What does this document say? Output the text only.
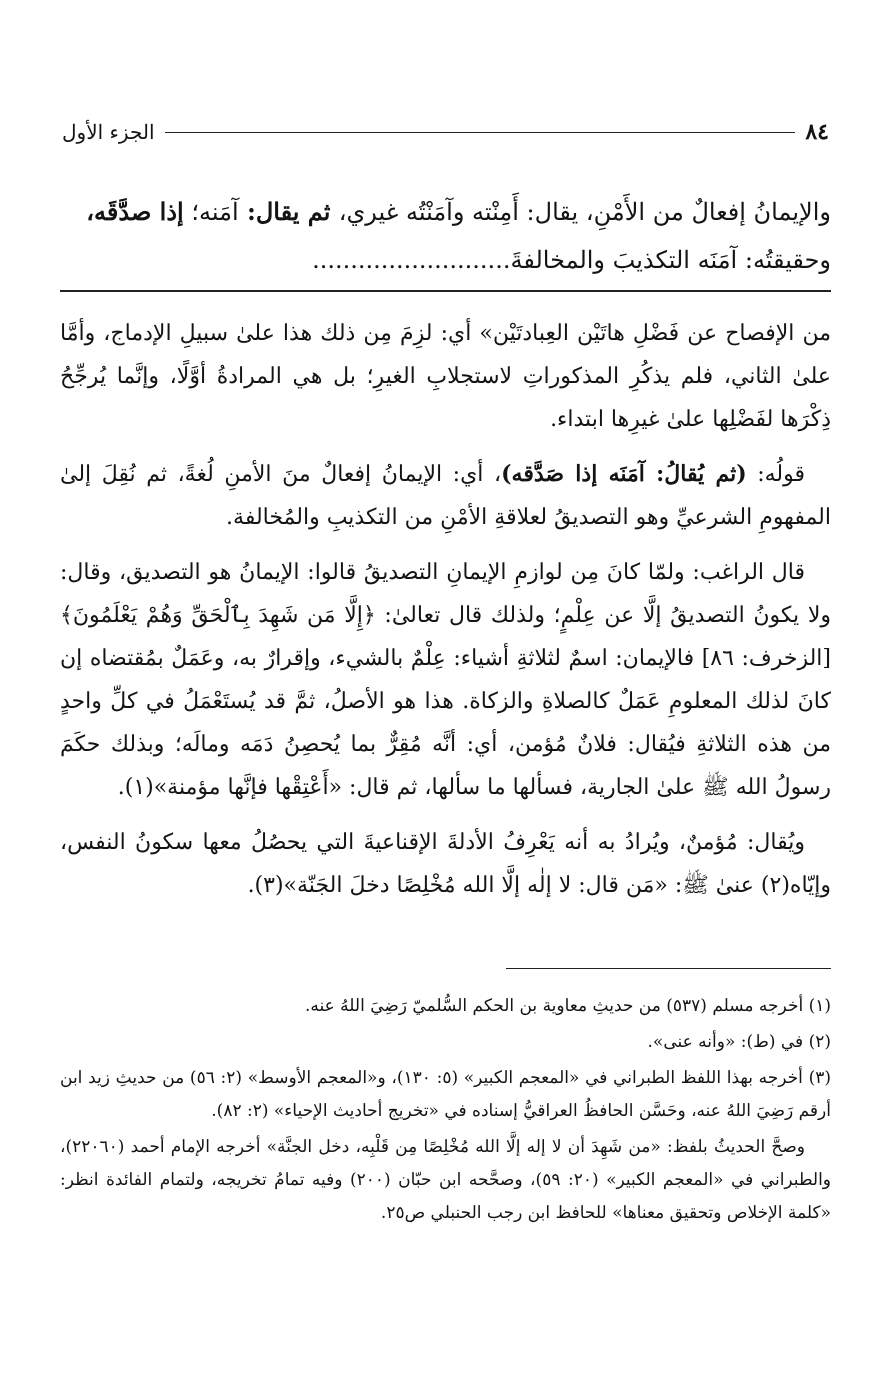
الجزء الأول	٨٤
والإيمانُ إفعالٌ من الأَمْنِ، يقال: أَمِنْته وآمَنْتُه غيري، ثم يقال: آمَنه؛ إذا صدَّقَه،
وحقيقتُه: آمَنَه التكذيبَ والمخالفةَ..........................

من الإفصاح عن فَضْلِ هاتَيْن العِبادتَيْن» أي: لزِمَ مِن ذلك هذا علىٰ سبيلِ الإدماج، وأمَّا علىٰ الثاني، فلم يذكُرِ المذكوراتِ لاستجلابِ الغيرِ؛ بل هي المرادةُ أوَّلًا، وإنَّما يُرجِّحُ ذِكْرَها لفَضْلِها علىٰ غيرِها ابتداء.

قولُه: (ثم يُقالُ: آمَنَه إذا صَدَّقه)، أي: الإيمانُ إفعالٌ منَ الأمنِ لُغةً، ثم نُقِلَ إلىٰ المفهومِ الشرعيِّ وهو التصديقُ لعلاقةِ الأمْنِ من التكذيبِ والمُخالفة.

قال الراغب: ولمّا كانَ مِن لوازمِ الإيمانِ التصديقُ قالوا: الإيمانُ هو التصديق، وقال: ولا يكونُ التصديقُ إلَّا عن عِلْمٍ؛ ولذلك قال تعالىٰ: ﴿إِلَّا مَن شَهِدَ بِٱلْحَقِّ وَهُمْ يَعْلَمُونَ﴾ [الزخرف: ٨٦] فالإيمان: اسمٌ لثلاثةِ أشياء: عِلْمٌ بالشيء، وإقرارٌ به، وعَمَلٌ بمُقتضاه إن كانَ لذلك المعلومِ عَمَلٌ كالصلاةِ والزكاة. هذا هو الأصلُ، ثمَّ قد يُستَعْمَلُ في كلِّ واحدٍ من هذه الثلاثةِ فيُقال: فلانٌ مُؤمن، أي: أنَّه مُقِرٌّ بما يُحصِنُ دَمَه ومالَه؛ وبذلك حكَمَ رسولُ الله ﷺ علىٰ الجارية، فسألها ما سألها، ثم قال: «أَعْتِقْها فإنَّها مؤمنة»(١).

ويُقال: مُؤمنٌ، ويُرادُ به أنه يَعْرِفُ الأدلةَ الإقناعيةَ التي يحصُلُ معها سكونُ النفس، وإيّاه(٢) عنىٰ ﷺ: «مَن قال: لا إلٰه إلَّا الله مُخْلِصًا دخلَ الجَنّة»(٣).

(١) أخرجه مسلم (٥٣٧) من حديثِ معاوية بن الحكم السُّلميّ رَضِيَ اللهُ عنه.

(٢) في (ط): «وأنه عنى».

(٣) أخرجه بهذا اللفظ الطبراني في «المعجم الكبير» (٥: ١٣٠)، و«المعجم الأوسط» (٢: ٥٦) من حديثِ زيد ابن أرقم رَضِيَ اللهُ عنه، وحَسَّن الحافظُ العراقيُّ إسناده في «تخريج أحاديث الإحياء» (٢: ٨٢).

وصحَّ الحديثُ بلفظ: «من شَهِدَ أن لا إله إلَّا الله مُخْلِصًا مِن قَلْبِه، دخل الجنَّة» أخرجه الإمام أحمد (٢٢٠٦٠)، والطبراني في «المعجم الكبير» (٢٠: ٥٩)، وصحَّحه ابن حبّان (٢٠٠) وفيه تمامُ تخريجه، ولتمام الفائدة انظر: «كلمة الإخلاص وتحقيق معناها» للحافظ ابن رجب الحنبلي ص٢٥.
